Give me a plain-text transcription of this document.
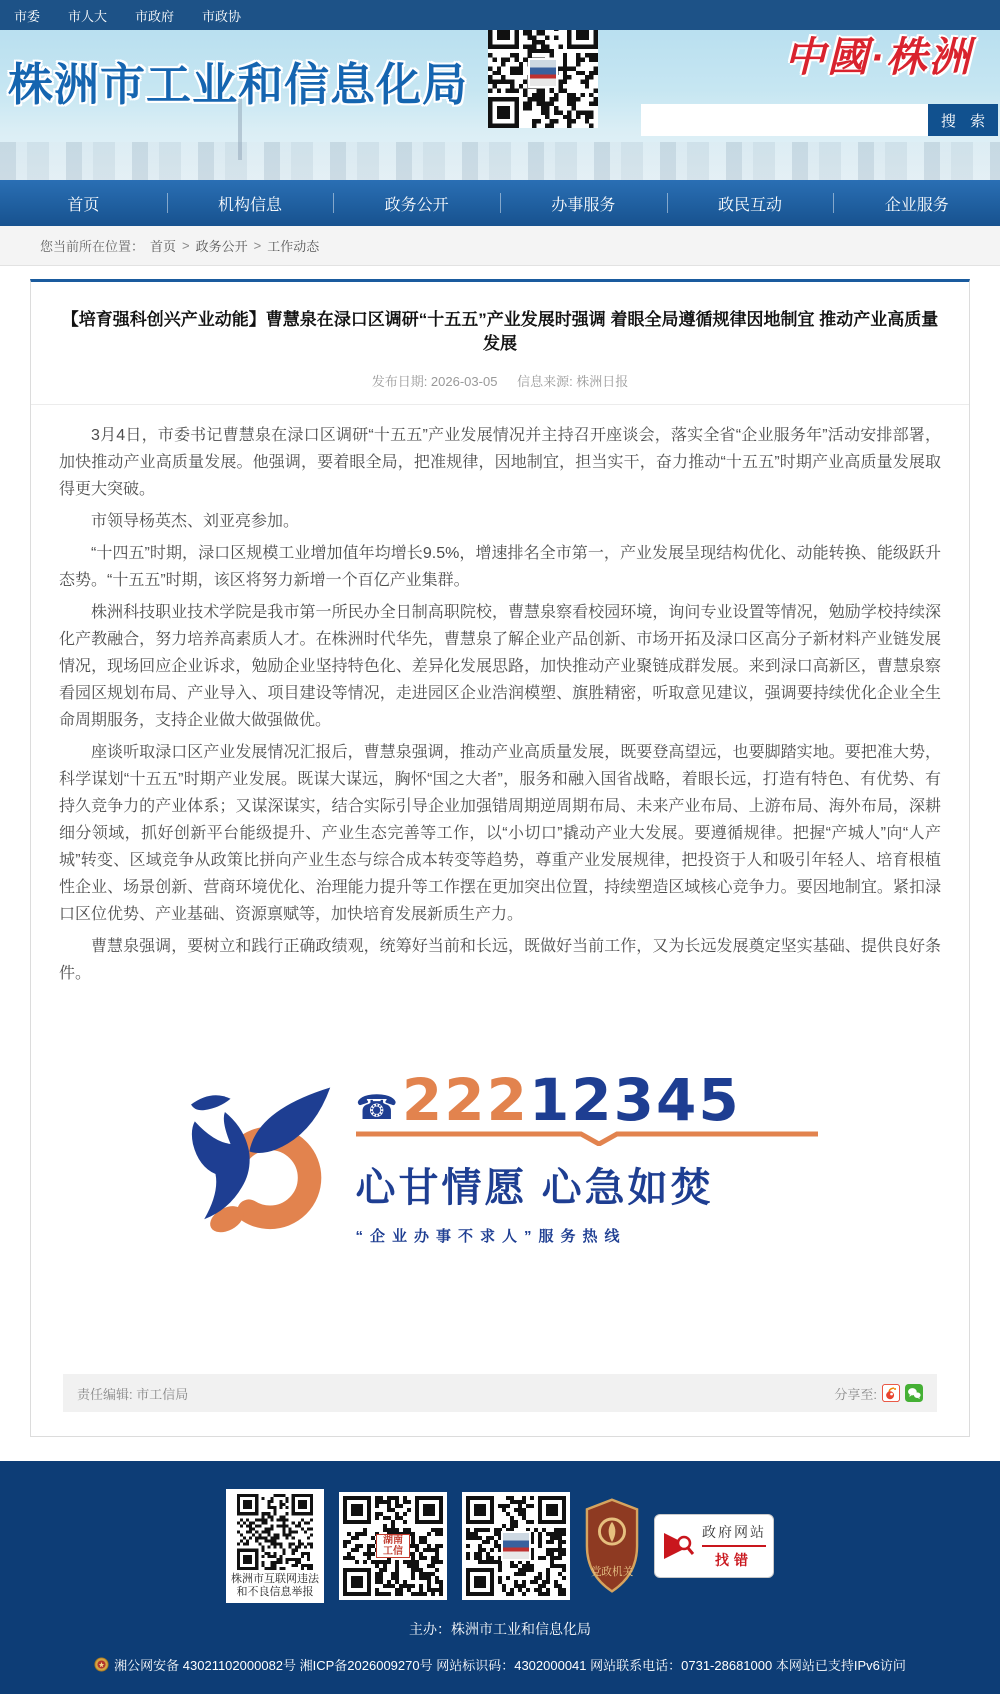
市委 市人大 市政府 市政协
株洲市工业和信息化局
中國·株洲
搜 索
首页	机构信息	政务公开	办事服务	政民互动	企业服务
您当前所在位置： 首页 > 政务公开 > 工作动态
【培育强科创兴产业动能】曹慧泉在渌口区调研“十五五”产业发展时强调 着眼全局遵循规律因地制宜 推动产业高质量发展
发布日期: 2026-03-05 信息来源: 株洲日报

3月4日，市委书记曹慧泉在渌口区调研“十五五”产业发展情况并主持召开座谈会，落实全省“企业服务年”活动安排部署，加快推动产业高质量发展。他强调，要着眼全局，把准规律，因地制宜，担当实干，奋力推动“十五五”时期产业高质量发展取得更大突破。

市领导杨英杰、刘亚亮参加。

“十四五”时期，渌口区规模工业增加值年均增长9.5%，增速排名全市第一，产业发展呈现结构优化、动能转换、能级跃升态势。“十五五”时期，该区将努力新增一个百亿产业集群。

株洲科技职业技术学院是我市第一所民办全日制高职院校，曹慧泉察看校园环境，询问专业设置等情况，勉励学校持续深化产教融合，努力培养高素质人才。在株洲时代华先，曹慧泉了解企业产品创新、市场开拓及渌口区高分子新材料产业链发展情况，现场回应企业诉求，勉励企业坚持特色化、差异化发展思路，加快推动产业聚链成群发展。来到渌口高新区，曹慧泉察看园区规划布局、产业导入、项目建设等情况，走进园区企业浩润模塑、旗胜精密，听取意见建议，强调要持续优化企业全生命周期服务，支持企业做大做强做优。

座谈听取渌口区产业发展情况汇报后，曹慧泉强调，推动产业高质量发展，既要登高望远，也要脚踏实地。要把准大势，科学谋划“十五五”时期产业发展。既谋大谋远，胸怀“国之大者”，服务和融入国省战略，着眼长远，打造有特色、有优势、有持久竞争力的产业体系；又谋深谋实，结合实际引导企业加强错周期逆周期布局、未来产业布局、上游布局、海外布局，深耕细分领域，抓好创新平台能级提升、产业生态完善等工作，以“小切口”撬动产业大发展。要遵循规律。把握“产城人”向“人产城”转变、区域竞争从政策比拼向产业生态与综合成本转变等趋势，尊重产业发展规律，把投资于人和吸引年轻人、培育根植性企业、场景创新、营商环境优化、治理能力提升等工作摆在更加突出位置，持续塑造区域核心竞争力。要因地制宜。紧扣渌口区位优势、产业基础、资源禀赋等，加快培育发展新质生产力。

曹慧泉强调，要树立和践行正确政绩观，统筹好当前和长远，既做好当前工作，又为长远发展奠定坚实基础、提供良好条件。

☎ 222 12345
心甘情愿 心急如焚
“企业办事不求人”服务热线
责任编辑: 市工信局	分享至:
株洲市互联网违法
和不良信息举报
湖南
工信
党政机关
政府网站
找错
主办：株洲市工业和信息化局
湘公网安备 43021102000082号 湘ICP备2026009270号 网站标识码：4302000041 网站联系电话：0731-28681000 本网站已支持IPv6访问
